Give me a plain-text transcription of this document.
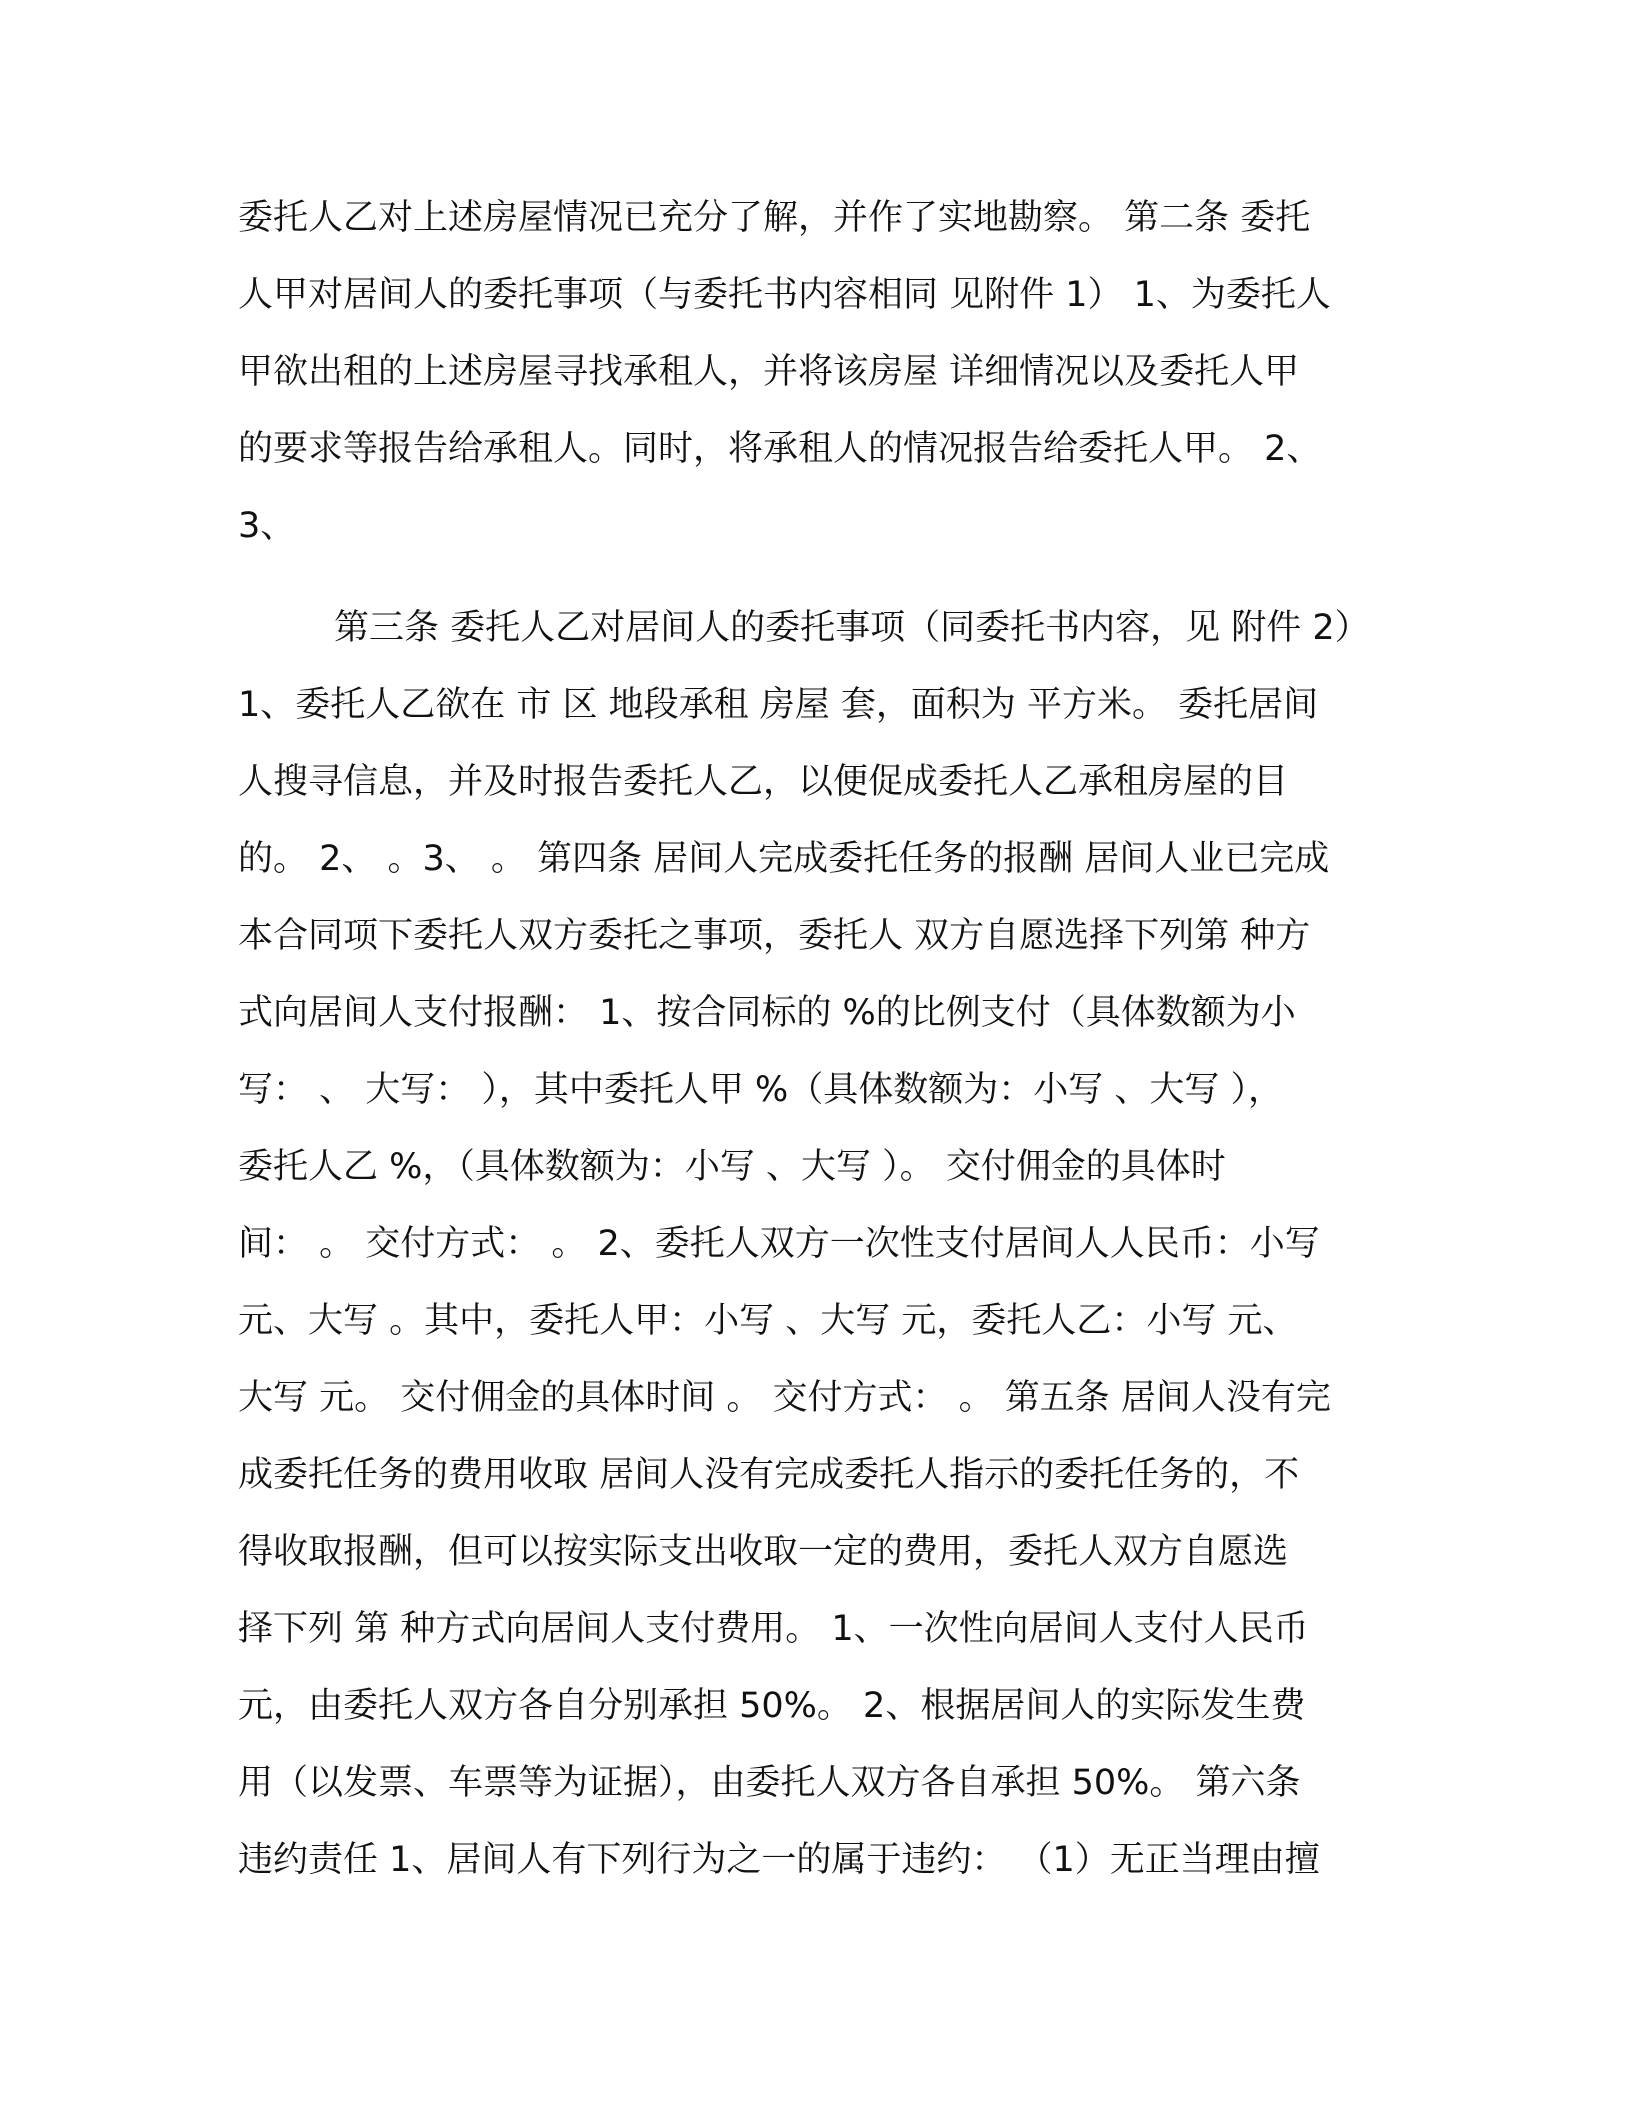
委托人乙对上述房屋情况已充分了解，并作了实地勘察。 第二条 委托
人甲对居间人的委托事项（与委托书内容相同 见附件 1） 1、为委托人
甲欲出租的上述房屋寻找承租人，并将该房屋 详细情况以及委托人甲
的要求等报告给承租人。同时，将承租人的情况报告给委托人甲。 2、
3、
第三条 委托人乙对居间人的委托事项（同委托书内容，见 附件 2）
1、委托人乙欲在 市 区 地段承租 房屋 套，面积为 平方米。 委托居间
人搜寻信息，并及时报告委托人乙，以便促成委托人乙承租房屋的目
的。 2、 。3、 。 第四条 居间人完成委托任务的报酬 居间人业已完成
本合同项下委托人双方委托之事项，委托人 双方自愿选择下列第 种方
式向居间人支付报酬： 1、按合同标的 %的比例支付（具体数额为小
写： 、 大写： ），其中委托人甲 %（具体数额为：小写 、大写 ），
委托人乙 %，（具体数额为：小写 、大写 ）。 交付佣金的具体时
间： 。 交付方式： 。 2、委托人双方一次性支付居间人人民币：小写
元、大写 。其中，委托人甲：小写 、大写 元，委托人乙：小写 元、
大写 元。 交付佣金的具体时间 。 交付方式： 。 第五条 居间人没有完
成委托任务的费用收取 居间人没有完成委托人指示的委托任务的，不
得收取报酬，但可以按实际支出收取一定的费用，委托人双方自愿选
择下列 第 种方式向居间人支付费用。 1、一次性向居间人支付人民币
元，由委托人双方各自分别承担 50%。 2、根据居间人的实际发生费
用（以发票、车票等为证据），由委托人双方各自承担 50%。 第六条
违约责任 1、居间人有下列行为之一的属于违约： （1）无正当理由擅
